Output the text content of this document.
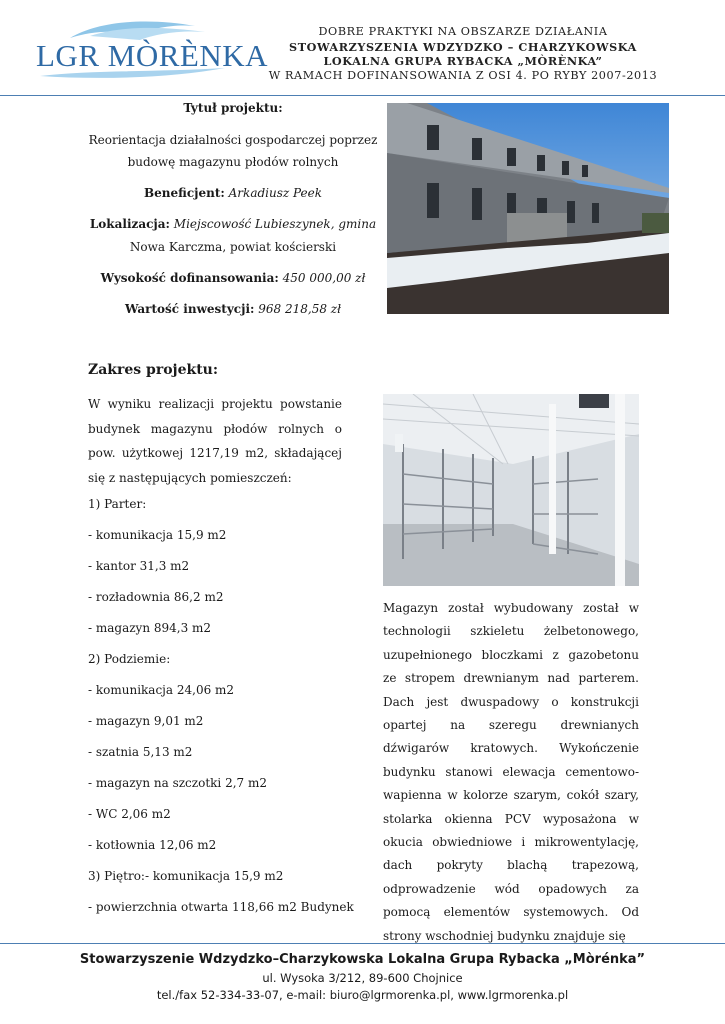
LGR MÒRÈNKA
DOBRE PRAKTYKI NA OBSZARZE DZIAŁANIA
STOWARZYSZENIA WDZYDZKO – CHARZYKOWSKA
LOKALNA GRUPA RYBACKA „MÒRÈNKA”
W RAMACH DOFINANSOWANIA Z OSI 4. PO RYBY 2007-2013
Tytuł projektu:
Reorientacja działalności gospodarczej poprzez
budowę magazynu płodów rolnych
Beneficjent: Arkadiusz Peek
Lokalizacja: Miejscowość Lubieszynek, gmina
Nowa Karczma, powiat kościerski
Wysokość dofinansowania: 450 000,00 zł
Wartość inwestycji: 968 218,58 zł
Zakres projektu:

W wyniku realizacji projektu powstanie budynek magazynu płodów rolnych o pow. użytkowej 1217,19 m2, składającej się z następujących pomieszczeń:

1) Parter:
- komunikacja 15,9 m2
- kantor 31,3 m2
- rozładownia 86,2 m2
- magazyn 894,3 m2
2) Podziemie:
- komunikacja 24,06 m2
- magazyn 9,01 m2
- szatnia 5,13 m2
- magazyn na szczotki 2,7 m2
- WC 2,06 m2
- kotłownia 12,06 m2
3) Piętro:- komunikacja 15,9 m2
- powierzchnia otwarta 118,66 m2 Budynek
Magazyn został wybudowany został w technologii szkieletu żelbetonowego, uzupełnionego bloczkami z gazobetonu ze stropem drewnianym nad parterem. Dach jest dwuspadowy o konstrukcji opartej na szeregu drewnianych dźwigarów kratowych. Wykończenie budynku stanowi elewacja cementowo-wapienna w kolorze szarym, cokół szary, stolarka okienna PCV wyposażona w okucia obwiedniowe i mikrowentylację, dach pokryty blachą trapezową, odprowadzenie wód opadowych za pomocą elementów systemowych. Od strony wschodniej budynku znajduje się
Stowarzyszenie Wdzydzko–Charzykowska Lokalna Grupa Rybacka „Mòrénka”
ul. Wysoka 3/212, 89-600 Chojnice
tel./fax 52-334-33-07, e-mail: biuro@lgrmorenka.pl, www.lgrmorenka.pl
